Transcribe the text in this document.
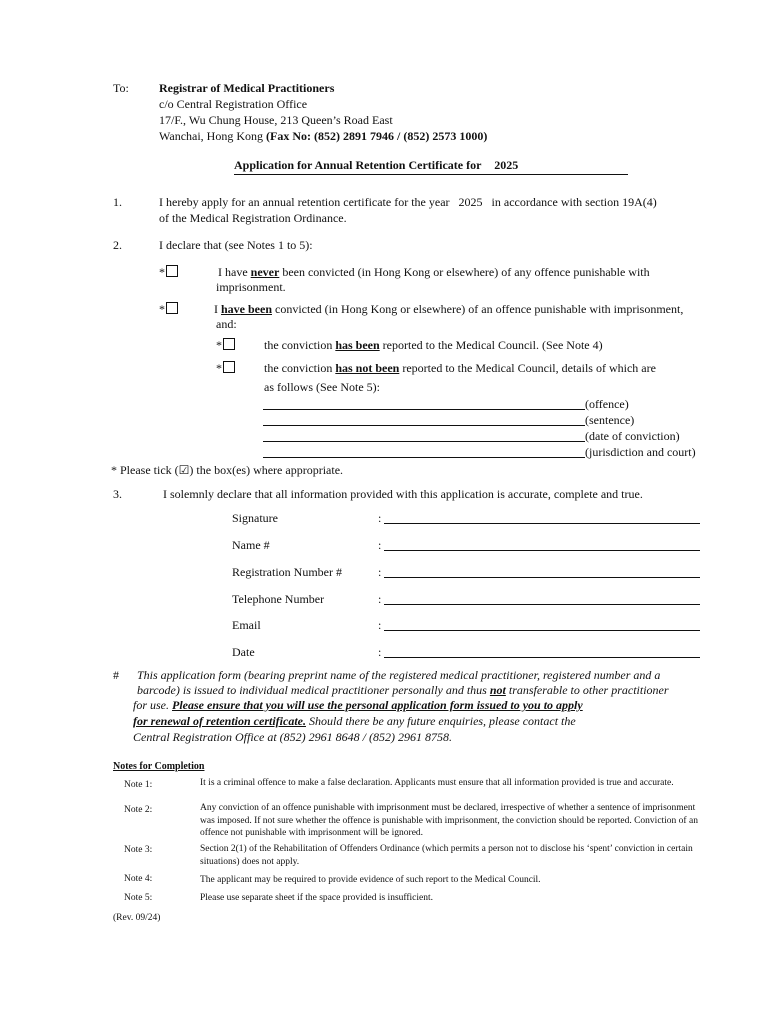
To:	Registrar of Medical Practitioners
c/o Central Registration Office
17/F., Wu Chung House, 213 Queen’s Road East
Wanchai, Hong Kong (Fax No: (852) 2891 7946 / (852) 2573 1000)
Application for Annual Retention Certificate for 2025
1.	I hereby apply for an annual retention certificate for the year 2025 in accordance with section 19A(4)
of the Medical Registration Ordinance.
2.	I declare that (see Notes 1 to 5):
*	I have never been convicted (in Hong Kong or elsewhere) of any offence punishable with
imprisonment.
*	I have been convicted (in Hong Kong or elsewhere) of an offence punishable with imprisonment,
and:
*	the conviction has been reported to the Medical Council. (See Note 4)
*	the conviction has not been reported to the Medical Council, details of which are
as follows (See Note 5):
(offence)
(sentence)
(date of conviction)
(jurisdiction and court)
* Please tick (☑) the box(es) where appropriate.
3.	I solemnly declare that all information provided with this application is accurate, complete and true.
Signature	:
Name #	:
Registration Number #	:
Telephone Number	:
Email	:
Date	:
# This application form (bearing preprint name of the registered medical practitioner, registered number and a
barcode) is issued to individual medical practitioner personally and thus not transferable to other practitioner
for use. Please ensure that you will use the personal application form issued to you to apply
for renewal of retention certificate. Should there be any future enquiries, please contact the
Central Registration Office at (852) 2961 8648 / (852) 2961 8758.
Notes for Completion
Note 1:	It is a criminal offence to make a false declaration. Applicants must ensure that all information provided is true and accurate.
Note 2:	Any conviction of an offence punishable with imprisonment must be declared, irrespective of whether a sentence of imprisonment was imposed. If not sure whether the offence is punishable with imprisonment, the conviction should be reported. Conviction of an offence not punishable with imprisonment will be ignored.
Note 3:	Section 2(1) of the Rehabilitation of Offenders Ordinance (which permits a person not to disclose his ‘spent’ conviction in certain situations) does not apply.
Note 4:	The applicant may be required to provide evidence of such report to the Medical Council.
Note 5:	Please use separate sheet if the space provided is insufficient.
(Rev. 09/24)
